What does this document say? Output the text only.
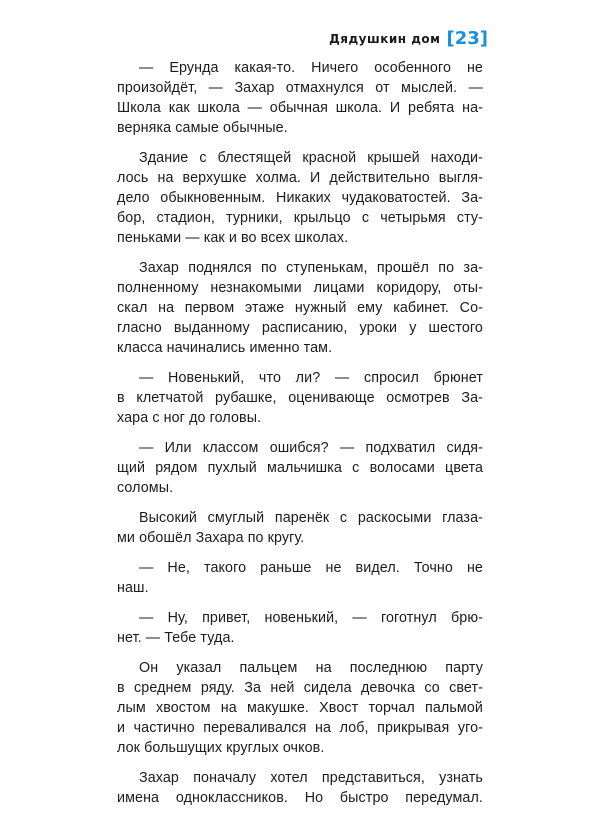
Дядушкин дом [23]
— Ерунда какая-то. Ничего особенного не
произойдёт, — Захар отмахнулся от мыслей. —
Школа как школа — обычная школа. И ребята на-
верняка самые обычные.
Здание с блестящей красной крышей находи-
лось на верхушке холма. И действительно выгля-
дело обыкновенным. Никаких чудаковатостей. За-
бор, стадион, турники, крыльцо с четырьмя сту-
пеньками — как и во всех школах.
Захар поднялся по ступенькам, прошёл по за-
полненному незнакомыми лицами коридору, оты-
скал на первом этаже нужный ему кабинет. Со-
гласно выданному расписанию, уроки у шестого
класса начинались именно там.
— Новенький, что ли? — спросил брюнет
в клетчатой рубашке, оценивающе осмотрев За-
хара с ног до головы.
— Или классом ошибся? — подхватил сидя-
щий рядом пухлый мальчишка с волосами цвета
соломы.
Высокий смуглый паренёк с раскосыми глаза-
ми обошёл Захара по кругу.
— Не, такого раньше не видел. Точно не
наш.
— Ну, привет, новенький, — гоготнул брю-
нет. — Тебе туда.
Он указал пальцем на последнюю парту
в среднем ряду. За ней сидела девочка со свет-
лым хвостом на макушке. Хвост торчал пальмой
и частично переваливался на лоб, прикрывая уго-
лок большущих круглых очков.
Захар поначалу хотел представиться, узнать
имена одноклассников. Но быстро передумал.
